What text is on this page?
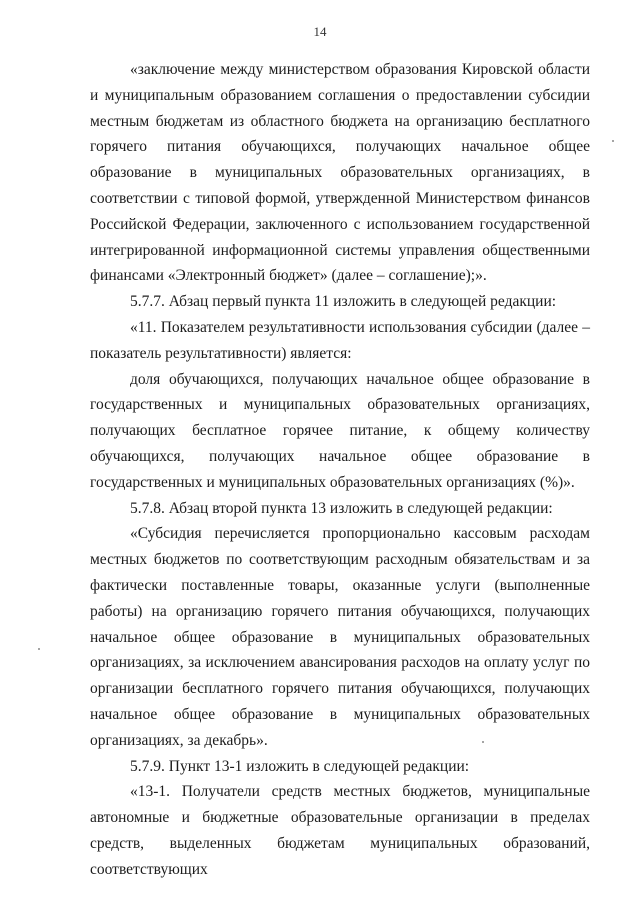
14

«заключение между министерством образования Кировской области и муниципальным образованием соглашения о предоставлении субсидии местным бюджетам из областного бюджета на организацию бесплатного горячего питания обучающихся, получающих начальное общее образование в муниципальных образовательных организациях, в соответствии с типовой формой, утвержденной Министерством финансов Российской Федерации, заключенного с использованием государственной интегрированной информационной системы управления общественными финансами «Электронный бюджет» (далее – соглашение);».

5.7.7. Абзац первый пункта 11 изложить в следующей редакции:

«11. Показателем результативности использования субсидии (далее – показатель результативности) является:

доля обучающихся, получающих начальное общее образование в государственных и муниципальных образовательных организациях, получающих бесплатное горячее питание, к общему количеству обучающихся, получающих начальное общее образование в государственных и муниципальных образовательных организациях (%)».

5.7.8. Абзац второй пункта 13 изложить в следующей редакции:

«Субсидия перечисляется пропорционально кассовым расходам местных бюджетов по соответствующим расходным обязательствам и за фактически поставленные товары, оказанные услуги (выполненные работы) на организацию горячего питания обучающихся, получающих начальное общее образование в муниципальных образовательных организациях, за исключением авансирования расходов на оплату услуг по организации бесплатного горячего питания обучающихся, получающих начальное общее образование в муниципальных образовательных организациях, за декабрь».

5.7.9. Пункт 13-1 изложить в следующей редакции:

«13-1. Получатели средств местных бюджетов, муниципальные автономные и бюджетные образовательные организации в пределах средств, выделенных бюджетам муниципальных образований, соответствующих
